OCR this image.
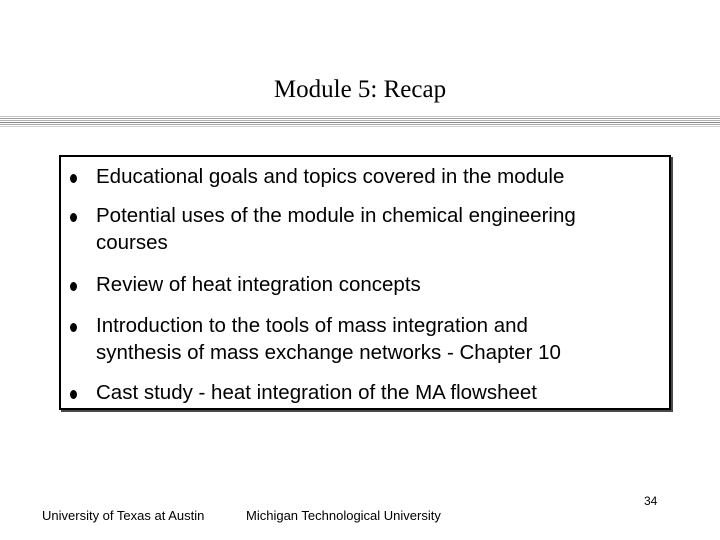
Module 5: Recap
Educational goals and topics covered in the module
Potential uses of the module in chemical engineering
courses
Review of heat integration concepts
Introduction to the tools of mass integration and
synthesis of mass exchange networks - Chapter 10
Cast study - heat integration of the MA flowsheet
University of Texas at Austin	Michigan Technological University
34
